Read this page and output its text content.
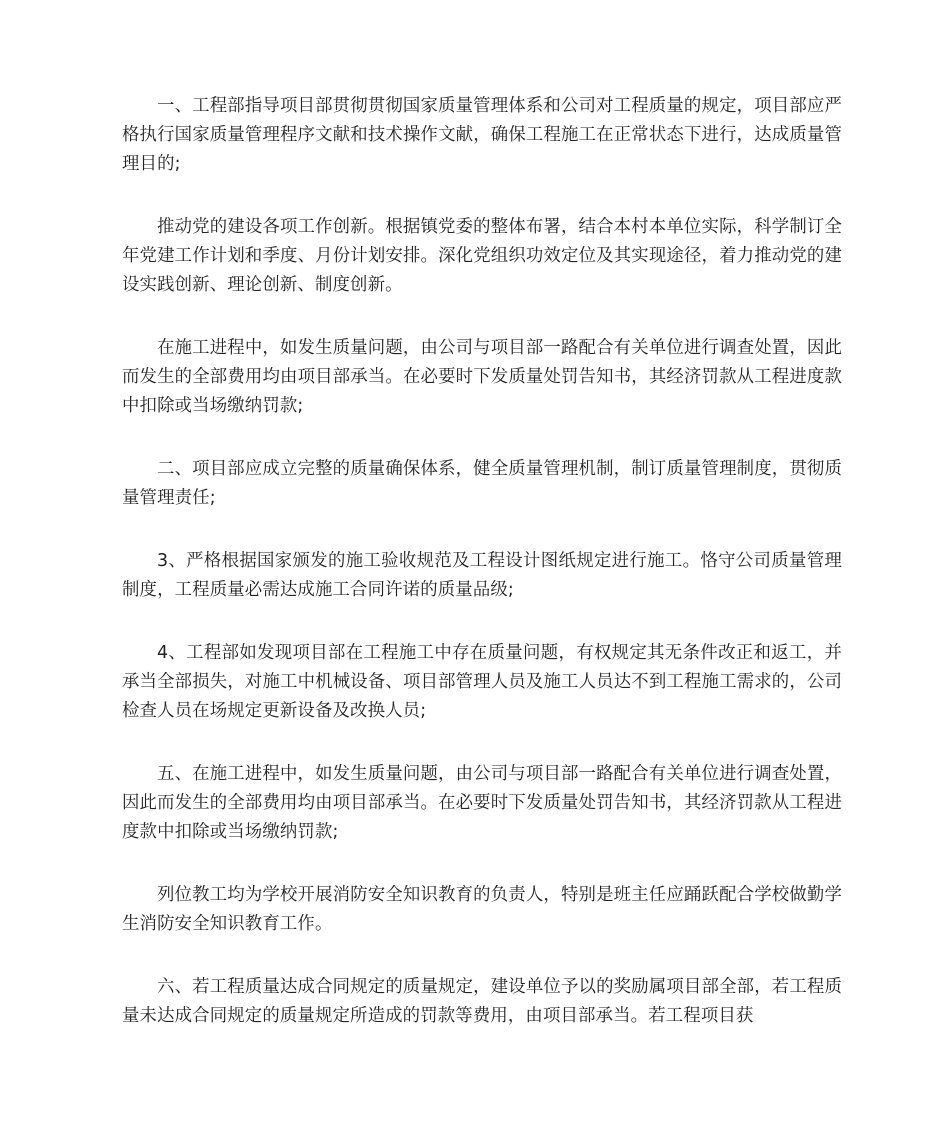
一、工程部指导项目部贯彻贯彻国家质量管理体系和公司对工程质量的规定，项目部应严格执行国家质量管理程序文献和技术操作文献，确保工程施工在正常状态下进行，达成质量管理目的;

推动党的建设各项工作创新。根据镇党委的整体布署，结合本村本单位实际，科学制订全年党建工作计划和季度、月份计划安排。深化党组织功效定位及其实现途径，着力推动党的建设实践创新、理论创新、制度创新。

在施工进程中，如发生质量问题，由公司与项目部一路配合有关单位进行调查处置，因此而发生的全部费用均由项目部承当。在必要时下发质量处罚告知书，其经济罚款从工程进度款中扣除或当场缴纳罚款;

二、项目部应成立完整的质量确保体系，健全质量管理机制，制订质量管理制度，贯彻质量管理责任;

3、严格根据国家颁发的施工验收规范及工程设计图纸规定进行施工。恪守公司质量管理制度，工程质量必需达成施工合同许诺的质量品级;

4、工程部如发现项目部在工程施工中存在质量问题，有权规定其无条件改正和返工，并承当全部损失，对施工中机械设备、项目部管理人员及施工人员达不到工程施工需求的，公司检查人员在场规定更新设备及改换人员;

五、在施工进程中，如发生质量问题，由公司与项目部一路配合有关单位进行调查处置，因此而发生的全部费用均由项目部承当。在必要时下发质量处罚告知书，其经济罚款从工程进度款中扣除或当场缴纳罚款;

列位教工均为学校开展消防安全知识教育的负责人，特别是班主任应踊跃配合学校做勤学生消防安全知识教育工作。

六、若工程质量达成合同规定的质量规定，建设单位予以的奖励属项目部全部，若工程质量未达成合同规定的质量规定所造成的罚款等费用，由项目部承当。若工程项目获
